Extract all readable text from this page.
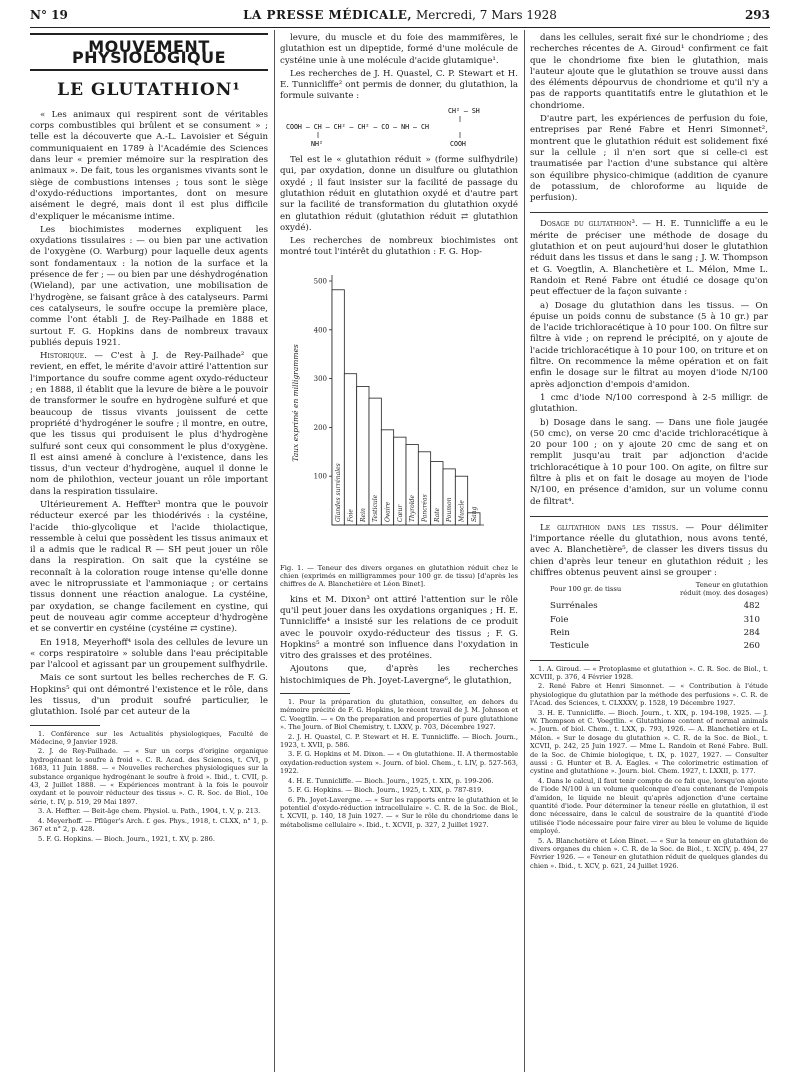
N° 19	LA PRESSE MÉDICALE, Mercredi, 7 Mars 1928	293
MOUVEMENT PHYSIOLOGIQUE
LE GLUTATHION¹

« Les animaux qui respirent sont de véritables corps combustibles qui brûlent et se consument » ; telle est la découverte que A.-L. Lavoisier et Séguin communiquaient en 1789 à l'Académie des Sciences dans leur « premier mémoire sur la respiration des animaux ». De fait, tous les organismes vivants sont le siège de combustions intenses ; tous sont le siège d'oxydo-réductions importantes, dont on mesure aisément le degré, mais dont il est plus difficile d'expliquer le mécanisme intime.

Les biochimistes modernes expliquent les oxydations tissulaires : — ou bien par une activation de l'oxygène (O. Warburg) pour laquelle deux agents sont fondamentaux : la notion de la surface et la présence de fer ; — ou bien par une déshydrogénation (Wieland), par une activation, une mobilisation de l'hydrogène, se faisant grâce à des catalyseurs. Parmi ces catalyseurs, le soufre occupe la première place, comme l'ont établi J. de Rey-Pailhade en 1888 et surtout F. G. Hopkins dans de nombreux travaux publiés depuis 1921.

Historique. — C'est à J. de Rey-Pailhade² que revient, en effet, le mérite d'avoir attiré l'attention sur l'importance du soufre comme agent oxydo-réducteur ; en 1888, il établit que la levure de bière a le pouvoir de transformer le soufre en hydrogène sulfuré et que beaucoup de tissus vivants jouissent de cette propriété d'hydrogéner le soufre ; il montre, en outre, que les tissus qui produisent le plus d'hydrogène sulfuré sont ceux qui consomment le plus d'oxygène. Il est ainsi amené à conclure à l'existence, dans les tissus, d'un vecteur d'hydrogène, auquel il donne le nom de philothion, vecteur jouant un rôle important dans la respiration tissulaire.

Ultérieurement A. Heffter³ montra que le pouvoir réducteur exercé par les thiodérivés : la cystéine, l'acide thio-glycolique et l'acide thiolactique, ressemble à celui que possèdent les tissus animaux et il a admis que le radical R — SH peut jouer un rôle dans la respiration. On sait que la cystéine se reconnaît à la coloration rouge intense qu'elle donne avec le nitroprussiate et l'ammoniaque ; or certains tissus donnent une réaction analogue. La cystéine, par oxydation, se change facilement en cystine, qui peut de nouveau agir comme accepteur d'hydrogène et se convertir en cystéine (cystéine ⇄ cystine).

En 1918, Meyerhoff⁴ isola des cellules de levure un « corps respiratoire » soluble dans l'eau précipitable par l'alcool et agissant par un groupement sulfhydrile.

Mais ce sont surtout les belles recherches de F. G. Hopkins⁵ qui ont démontré l'existence et le rôle, dans les tissus, d'un produit soufré particulier, le glutathion. Isolé par cet auteur de la

1. Conférence sur les Actualités physiologiques, Faculté de Médecine, 9 Janvier 1928.
2. J. de Rey-Pailhade. — « Sur un corps d'origine organique hydrogénant le soufre à froid ». C. R. Acad. des Sciences, t. CVI, p 1683, 11 Juin 1888. — « Nouvelles recherches physiologiques sur la substance organique hydrogénant le soufre à froid ». Ibid., t. CVII, p. 43, 2 Juillet 1888. — « Expériences montrant à la fois le pouvoir oxydant et le pouvoir réducteur des tissus ». C. R. Soc. de Biol., 10e série, t. IV, p. 519, 29 Mai 1897.
3. A. Heffter. — Beit-äge chem. Physiol. u. Path., 1904, t. V, p. 213.
4. Meyerhoff. — Pflüger's Arch. f. ges. Phys., 1918, t. CLXX, n° 1, p. 367 et n° 2, p. 428.
5. F. G. Hopkins. — Bioch. Journ., 1921, t. XV, p. 286.

levure, du muscle et du foie des mammifères, le glutathion est un dipeptide, formé d'une molécule de cystéine unie à une molécule d'acide glutamique¹.

Les recherches de J. H. Quastel, C. P. Stewart et H. E. Tunnicliffe² ont permis de donner, du glutathion, la formule suivante :

CH² — SH
COOH — CH — CH² — CH² — CO — NH — CH
NH²	COOH

Tel est le « glutathion réduit » (forme sulfhydrile) qui, par oxydation, donne un disulfure ou glutathion oxydé ; il faut insister sur la facilité de passage du glutathion réduit en glutathion oxydé et d'autre part sur la facilité de transformation du glutathion oxydé en glutathion réduit (glutathion réduit ⇄ glutathion oxydé).

Les recherches de nombreux biochimistes ont montré tout l'intérêt du glutathion : F. G. Hop-

100
200
300
400
500
Taux exprimé en milligrammes
Glandes surrénales Foie Rein Testicule Ovaire Cœur Thyroïde Pancréas Rate Poumon Muscle Sang
Fig. 1. — Teneur des divers organes en glutathion réduit chez le chien (exprimés en milligrammes pour 100 gr. de tissu) [d'après les chiffres de A. Blanchetière et Léon Binet].

kins et M. Dixon³ ont attiré l'attention sur le rôle qu'il peut jouer dans les oxydations organiques ; H. E. Tunnicliffe⁴ a insisté sur les relations de ce produit avec le pouvoir oxydo-réducteur des tissus ; F. G. Hopkins⁵ a montré son influence dans l'oxydation in vitro des graisses et des protéines.

Ajoutons que, d'après les recherches histochimiques de Ph. Joyet-Lavergne⁶, le glutathion,

1. Pour la préparation du glutathion, consulter, en dehors du mémoire précité de F. G. Hopkins, le récent travail de J. M. Johnson et C. Voegtlin. — « On the preparation and properties of pure glutathione ». The Journ. of Biol Chemistry, t. LXXV, p. 703, Décembre 1927.
2. J. H. Quastel, C. P. Stewart et H. E. Tunnicliffe. — Bioch. Journ., 1923, t. XVII, p. 586.
3. F. G. Hopkins et M. Dixon. — « On glutathione. II. A thermostable oxydation-reduction system ». Journ. of biol. Chem., t. LIV, p. 527-563, 1922.
4. H. E. Tunnicliffe. — Bioch. Journ., 1925, t. XIX, p. 199-206.
5. F. G. Hopkins. — Bioch. Journ., 1925, t. XIX, p. 787-819.
6. Ph. Joyet-Lavergne. — « Sur les rapports entre le glutathion et le potentiel d'oxydo-réduction intracellulaire ». C. R. de la Soc. de Biol., t. XCVII, p. 140, 18 Juin 1927. — « Sur le rôle du chondriome dans le métabolisme cellulaire ». Ibid., t. XCVII, p. 327, 2 Juillet 1927.

dans les cellules, serait fixé sur le chondriome ; des recherches récentes de A. Giroud¹ confirment ce fait que le chondriome fixe bien le glutathion, mais l'auteur ajoute que le glutathion se trouve aussi dans des éléments dépourvus de chondriome et qu'il n'y a pas de rapports quantitatifs entre le glutathion et le chondriome.

D'autre part, les expériences de perfusion du foie, entreprises par René Fabre et Henri Simonnet², montrent que le glutathion réduit est solidement fixé sur la cellule ; il n'en sort que si celle-ci est traumatisée par l'action d'une substance qui altère son équilibre physico-chimique (addition de cyanure de potassium, de chloroforme au liquide de perfusion).

Dosage du glutathion³. — H. E. Tunnicliffe a eu le mérite de préciser une méthode de dosage du glutathion et on peut aujourd'hui doser le glutathion réduit dans les tissus et dans le sang ; J. W. Thompson et G. Voegtlin, A. Blanchetière et L. Mélon, Mme L. Randoin et René Fabre ont étudié ce dosage qu'on peut effectuer de la façon suivante :

a) Dosage du glutathion dans les tissus. — On épuise un poids connu de substance (5 à 10 gr.) par de l'acide trichloracétique à 10 pour 100. On filtre sur filtre à vide ; on reprend le précipité, on y ajoute de l'acide trichloracétique à 10 pour 100, on triture et on filtre. On recommence la même opération et on fait enfin le dosage sur le filtrat au moyen d'iode N/100 après adjonction d'empois d'amidon.

1 cmc d'iode N/100 correspond à 2-5 milligr. de glutathion.

b) Dosage dans le sang. — Dans une fiole jaugée (50 cmc), on verse 20 cmc d'acide trichloracétique à 20 pour 100 ; on y ajoute 20 cmc de sang et on remplit jusqu'au trait par adjonction d'acide trichloracétique à 10 pour 100. On agite, on filtre sur filtre à plis et on fait le dosage au moyen de l'iode N/100, en présence d'amidon, sur un volume connu de filtrat⁴.

Le glutathion dans les tissus. — Pour délimiter l'importance réelle du glutathion, nous avons tenté, avec A. Blanchetière⁵, de classer les divers tissus du chien d'après leur teneur en glutathion réduit ; les chiffres obtenus peuvent ainsi se grouper :

Pour 100 gr. de tissu	Teneur en glutathion réduit (moy. des dosages)
Surrénales	482
Foie	310
Rein	284
Testicule	260
1. A. Giroud. — « Protoplasme et glutathion ». C. R. Soc. de Biol., t. XCVIII, p. 376, 4 Février 1928.
2. René Fabre et Henri Simonnet. — « Contribution à l'étude physiologique du glutathion par la méthode des perfusions ». C. R. de l'Acad. des Sciences, t. CLXXXV, p. 1528, 19 Décembre 1927.
3. H. E. Tunnicliffe. — Bioch. Journ., t. XIX, p. 194-198, 1925. — J. W. Thompson et C. Voegtlin. « Glutathione content of normal animals ». Journ. of biol. Chem., t. LXX, p. 793, 1926. — A. Blanchetière et L. Mélon. « Sur le dosage du glutathion ». C. R. de la Soc. de Biol., t. XCVII, p. 242, 25 Juin 1927. — Mme L. Randoin et René Fabre. Bull. de la Soc. de Chimie biologique, t. IX, p. 1027, 1927. — Consulter aussi : G. Hunter et B. A. Eagles. « The colorimetric estimation of cystine and glutathione ». Journ. biol. Chem. 1927, t. LXXII, p. 177.
4. Dans le calcul, il faut tenir compte de ce fait que, lorsqu'on ajoute de l'iode N/100 à un volume quelconque d'eau contenant de l'empois d'amidon, le liquide ne bleuit qu'après adjonction d'une certaine quantité d'iode. Pour déterminer la teneur réelle en glutathion, il est donc nécessaire, dans le calcul de soustraire de la quantité d'iode utilisée l'iode nécessaire pour faire virer au bleu le volume de liquide employé.
5. A. Blanchetière et Léon Binet. — « Sur la teneur en glutathion de divers organes du chien ». C. R. de la Soc. de Biol., t. XCIV, p. 494, 27 Février 1926. — « Teneur en glutathion réduit de quelques glandes du chien ». Ibid., t. XCV, p. 621, 24 Juillet 1926.
